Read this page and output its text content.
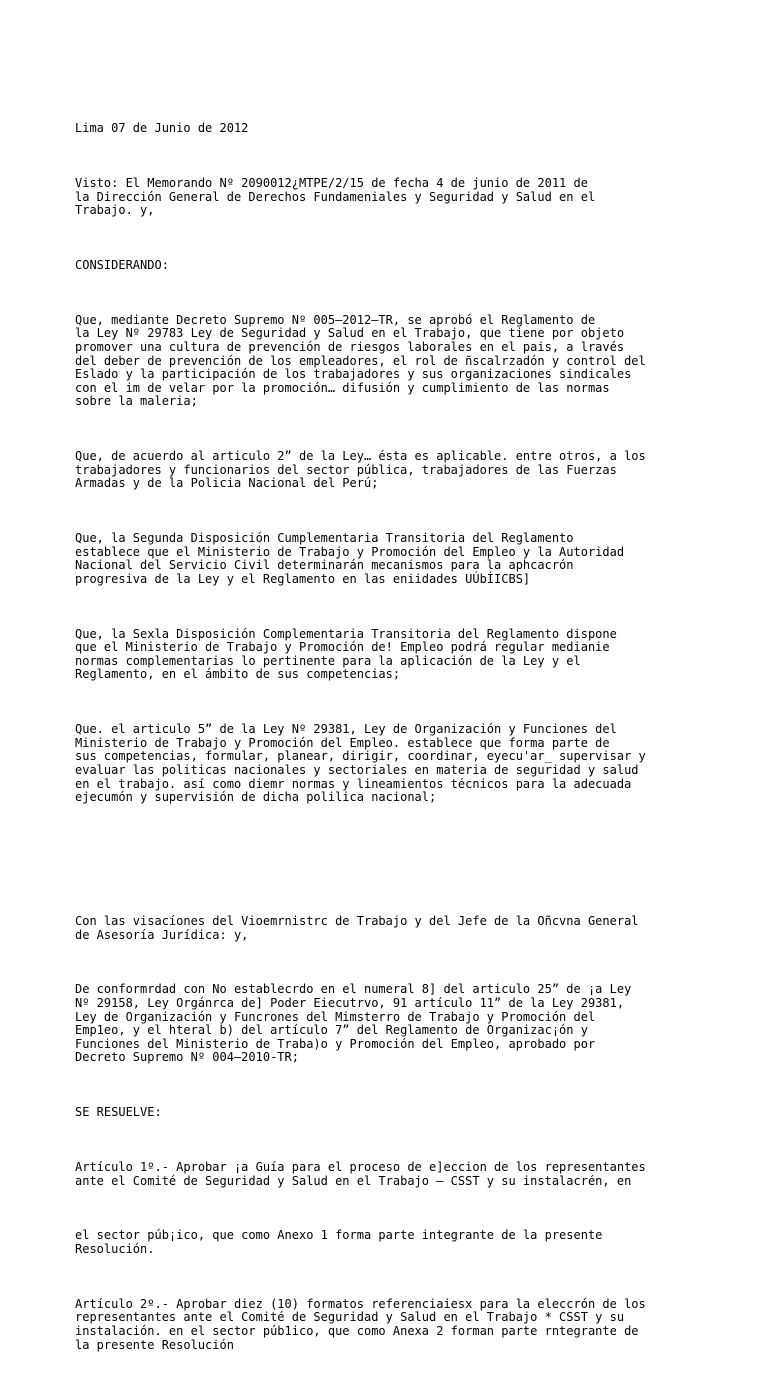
Lima 07 de Junio de 2012

Visto: El Memorando Nº 2090012¿MTPE/2/15 de fecha 4 de junio de 2011 de
la Dirección General de Derechos Fundameniales y Seguridad y Salud en el
Trabajo. y,

CONSIDERANDO:

Que, mediante Decreto Supremo Nº 005—2012—TR, se aprobó el Reglamento de
la Ley Nº 29783 Ley de Seguridad y Salud en el Trabajo, que tiene por objeto
promover una cultura de prevención de riesgos laborales en el pais, a lravés
del deber de prevención de los empleadores, el rol de ñscalrzadón y control del
Eslado y la participación de los trabajadores y sus organizaciones sindicales
con el im de velar por la promoción… difusión y cumplimiento de las normas
sobre la maleria;

Que, de acuerdo al articulo 2” de la Ley… ésta es aplicable. entre otros, a los
trabajadores y funcionarios del sector pública, trabajadores de las Fuerzas
Armadas y de la Policia Nacional del Perú;

Que, la Segunda Disposición Cumplementaria Transitoria del Reglamento
establece que el Ministerio de Trabajo y Promoción del Empleo y la Autoridad
Nacional del Servicio Civil determinarán mecanismos para la aphcacrón
progresiva de la Ley y el Reglamento en las eniidades UÚbÍICBS]

Que, la Sexla Disposición Complementaria Transitoria del Reglamento dispone
que el Ministerio de Trabajo y Promoción de! Empleo podrá regular medianie
normas complementarias lo pertinente para la aplicación de la Ley y el
Reglamento, en el ámbito de sus competencias;

Que. el articulo 5” de la Ley Nº 29381, Ley de Organización y Funciones del
Ministerio de Trabajo y Promoción del Empleo. establece que forma parte de
sus competencias, formular, planear, dirigir, coordinar, eyecu'ar_ supervisar y
evaluar las politicas nacionales y sectoriales en materia de seguridad y salud
en el trabajo. así como diemr normas y lineamientos técnicos para la adecuada
ejecumón y supervisión de dicha polilica nacional;

Con las visacíones del Vioemrnistrc de Trabajo y del Jefe de la Oñcvna General
de Asesoría Jurídica: y,

De conformrdad con No establecrdo en el numeral 8] del articulo 25” de ¡a Ley
Nº 29158, Ley Orgánrca de] Poder Eiecutrvo, 91 artículo 11” de la Ley 29381,
Ley de Organización y Funcrones del Mimsterro de Trabajo y Promoción del
Emp1eo, y el hteral b) del artículo 7” del Reglamento de Organizac¡ón y
Funciones del Ministerio de Traba)o y Promoción del Empleo, aprobado por
Decreto Supremo Nº 004—2010-TR;

SE RESUELVE:

Artículo 1º.- Aprobar ¡a Guía para el proceso de e]eccion de los representantes
ante el Comité de Seguridad y Salud en el Trabajo — CSST y su instalacrén, en

el sector púb¡ico, que como Anexo 1 forma parte integrante de la presente
Resolución.

Artículo 2º.- Aprobar diez (10) formatos referenciaiesx para la eleccrón de los
representantes ante el Comité de Seguridad y Salud en el Trabajo * CSST y su
instalación. en el sector púb1ico, que como Anexa 2 forman parte rntegrante de
la presente Resolución
